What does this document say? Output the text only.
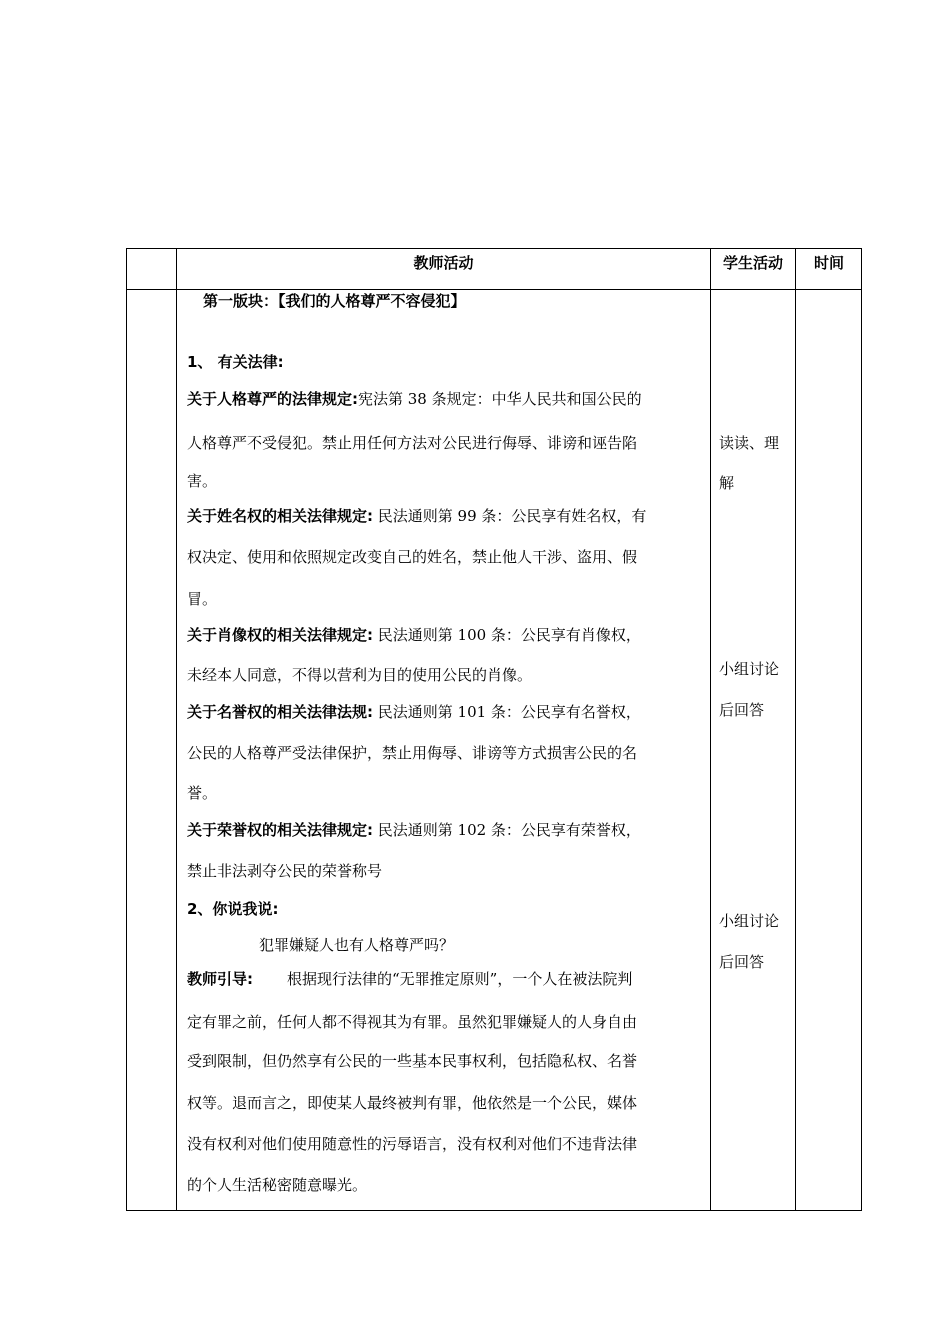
教师活动	学生活动	时间
第一版块：【我们的人格尊严不容侵犯】
1、 有关法律:
关于人格尊严的法律规定:宪法第 38 条规定：中华人民共和国公民的
人格尊严不受侵犯。禁止用任何方法对公民进行侮辱、诽谤和诬告陷
害。
关于姓名权的相关法律规定: 民法通则第 99 条：公民享有姓名权，有
权决定、使用和依照规定改变自己的姓名，禁止他人干涉、盗用、假
冒。
关于肖像权的相关法律规定: 民法通则第 100 条：公民享有肖像权，
未经本人同意，不得以营利为目的使用公民的肖像。
关于名誉权的相关法律法规: 民法通则第 101 条：公民享有名誉权，
公民的人格尊严受法律保护，禁止用侮辱、诽谤等方式损害公民的名
誉。
关于荣誉权的相关法律规定: 民法通则第 102 条：公民享有荣誉权，
禁止非法剥夺公民的荣誉称号
2、你说我说:
犯罪嫌疑人也有人格尊严吗？
教师引导: 根据现行法律的“无罪推定原则”，一个人在被法院判
定有罪之前，任何人都不得视其为有罪。虽然犯罪嫌疑人的人身自由
受到限制，但仍然享有公民的一些基本民事权利，包括隐私权、名誉
权等。退而言之，即使某人最终被判有罪，他依然是一个公民，媒体
没有权利对他们使用随意性的污辱语言，没有权利对他们不违背法律
的个人生活秘密随意曝光。
读读、理
解
小组讨论
后回答
小组讨论
后回答
